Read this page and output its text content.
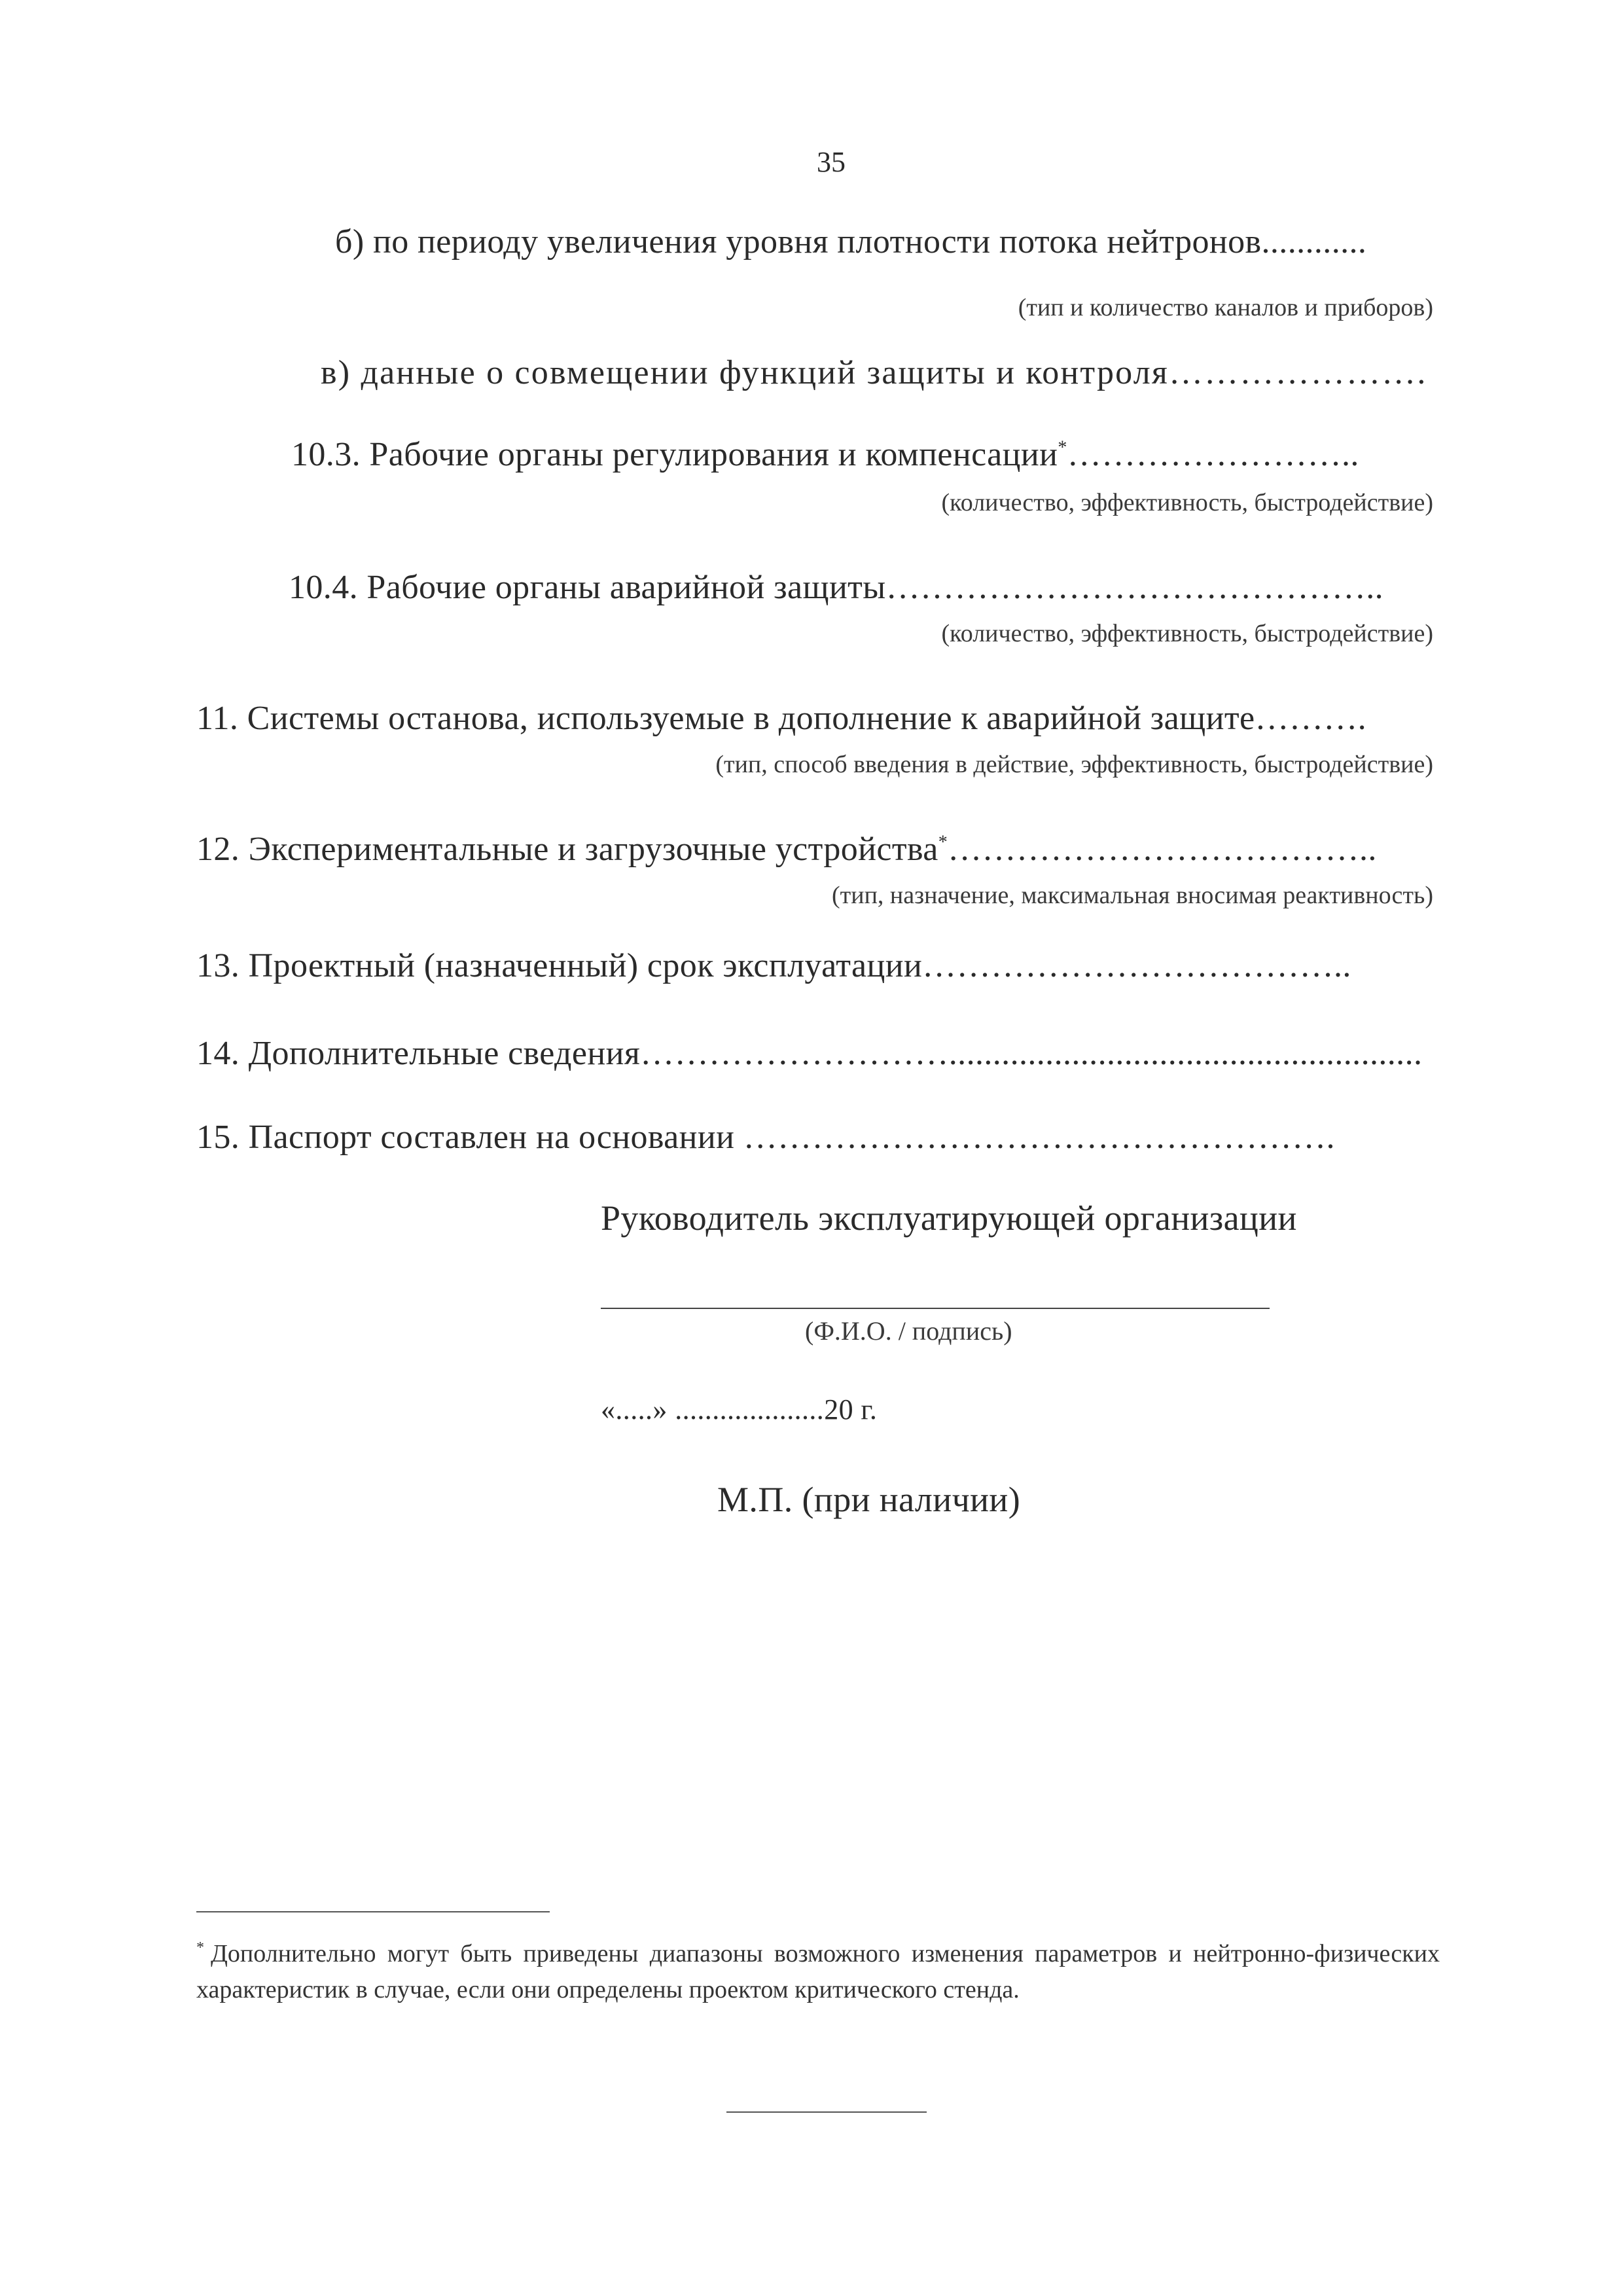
35
б) по периоду увеличения уровня плотности потока нейтронов............
(тип и количество каналов и приборов)
в) данные о совмещении функций защиты и контроля………………….
10.3. Рабочие органы регулирования и компенсации*……………………..
(количество, эффективность, быстродействие)
10.4. Рабочие органы аварийной защиты……………………………………..
(количество, эффективность, быстродействие)
11. Системы останова, используемые в дополнение к аварийной защите……….
(тип, способ введения в действие, эффективность, быстродействие)
12. Экспериментальные и загрузочные устройства*………………………………..
(тип, назначение, максимальная вносимая реактивность)
13. Проектный (назначенный) срок эксплуатации………………………………..
14. Дополнительные сведения………………………......................................................
15. Паспорт составлен на основании …………………………………………….
Руководитель эксплуатирующей организации
(Ф.И.О. / подпись)
«.....» ....................20 г.
М.П. (при наличии)
* Дополнительно могут быть приведены диапазоны возможного изменения параметров и нейтронно-физических характеристик в случае, если они определены проектом критического стенда.
